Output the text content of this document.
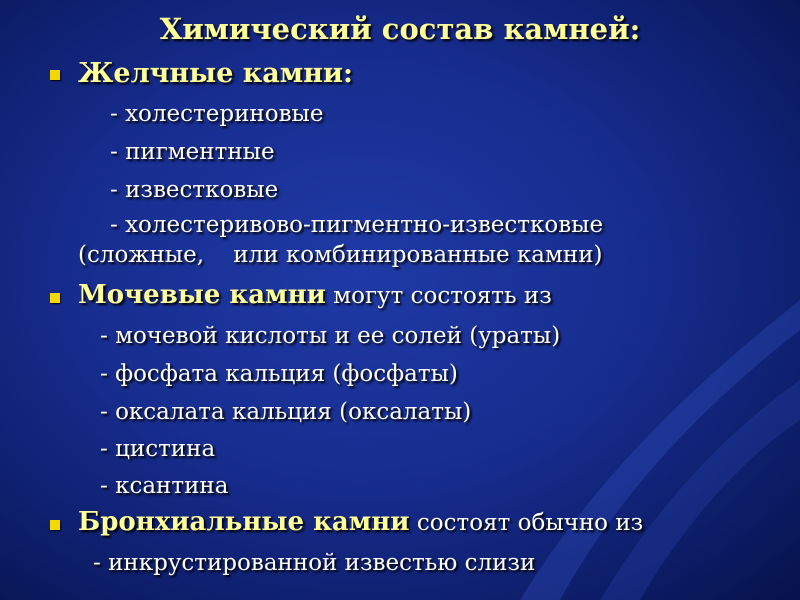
Химический состав камней:
Желчные камни:
- холестериновые
- пигментные
- известковые
- холестеривово-пигментно-известковые
(сложные,    или комбинированные камни)
Мочевые камни могут состоять из
- мочевой кислоты и ее солей (ураты)
- фосфата кальция (фосфаты)
- оксалата кальция (оксалаты)
- цистина
- ксантина
Бронхиальные камни состоят обычно из
- инкрустированной известью слизи
